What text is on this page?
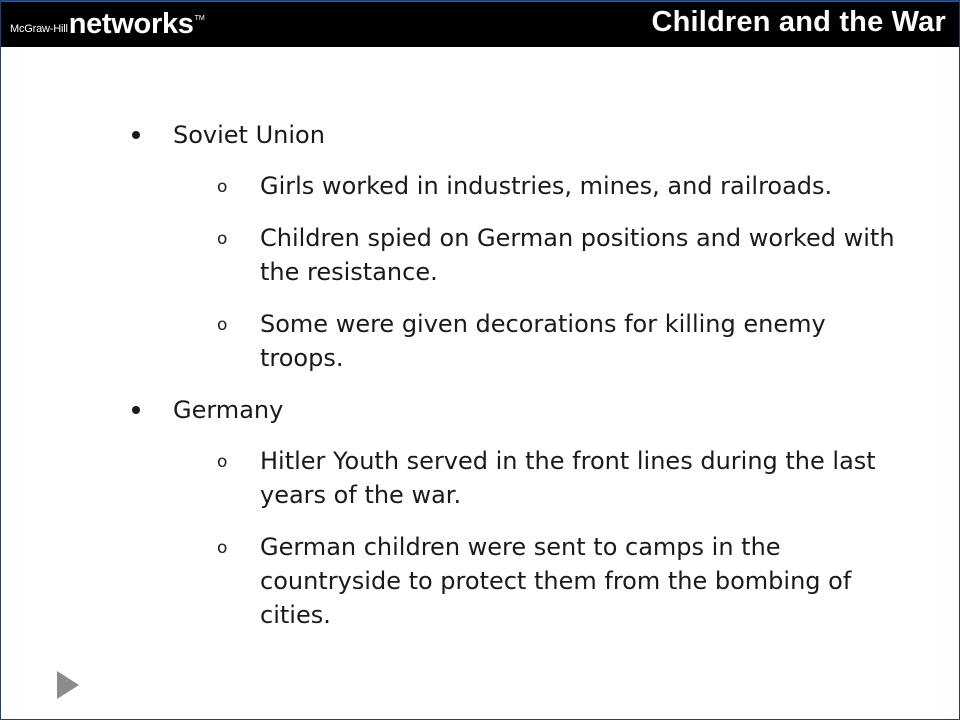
McGraw-Hill networks TM	Children and the War
Soviet Union
o Girls worked in industries, mines, and railroads.
o Children spied on German positions and worked with the resistance.
o Some were given decorations for killing enemy troops.
Germany
o Hitler Youth served in the front lines during the last years of the war.
o German children were sent to camps in the countryside to protect them from the bombing of cities.
